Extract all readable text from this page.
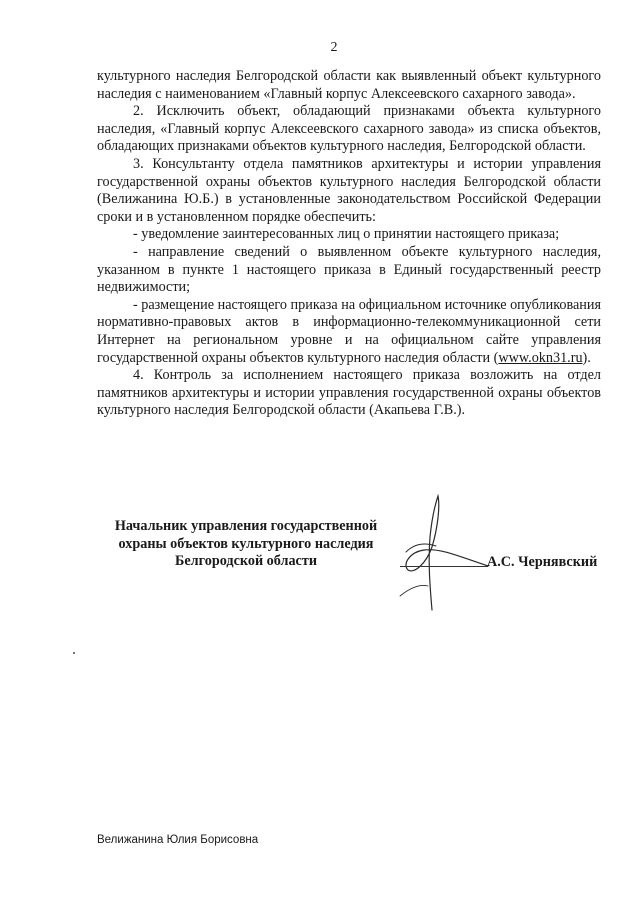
2

культурного наследия Белгородской области как выявленный объект культурного наследия с наименованием «Главный корпус Алексеевского сахарного завода».

2. Исключить объект, обладающий признаками объекта культурного наследия, «Главный корпус Алексеевского сахарного завода» из списка объектов, обладающих признаками объектов культурного наследия, Белгородской области.

3. Консультанту отдела памятников архитектуры и истории управления государственной охраны объектов культурного наследия Белгородской области (Велижанина Ю.Б.) в установленные законодательством Российской Федерации сроки и в установленном порядке обеспечить:

- уведомление заинтересованных лиц о принятии настоящего приказа;

- направление сведений о выявленном объекте культурного наследия, указанном в пункте 1 настоящего приказа в Единый государственный реестр недвижимости;

- размещение настоящего приказа на официальном источнике опубликования нормативно-правовых актов в информационно-телекоммуникационной сети Интернет на региональном уровне и на официальном сайте управления государственной охраны объектов культурного наследия области (www.okn31.ru).

4. Контроль за исполнением настоящего приказа возложить на отдел памятников архитектуры и истории управления государственной охраны объектов культурного наследия Белгородской области (Акапьева Г.В.).

Начальник управления государственной
охраны объектов культурного наследия
Белгородской области	А.С. Чернявский
Велижанина Юлия Борисовна
